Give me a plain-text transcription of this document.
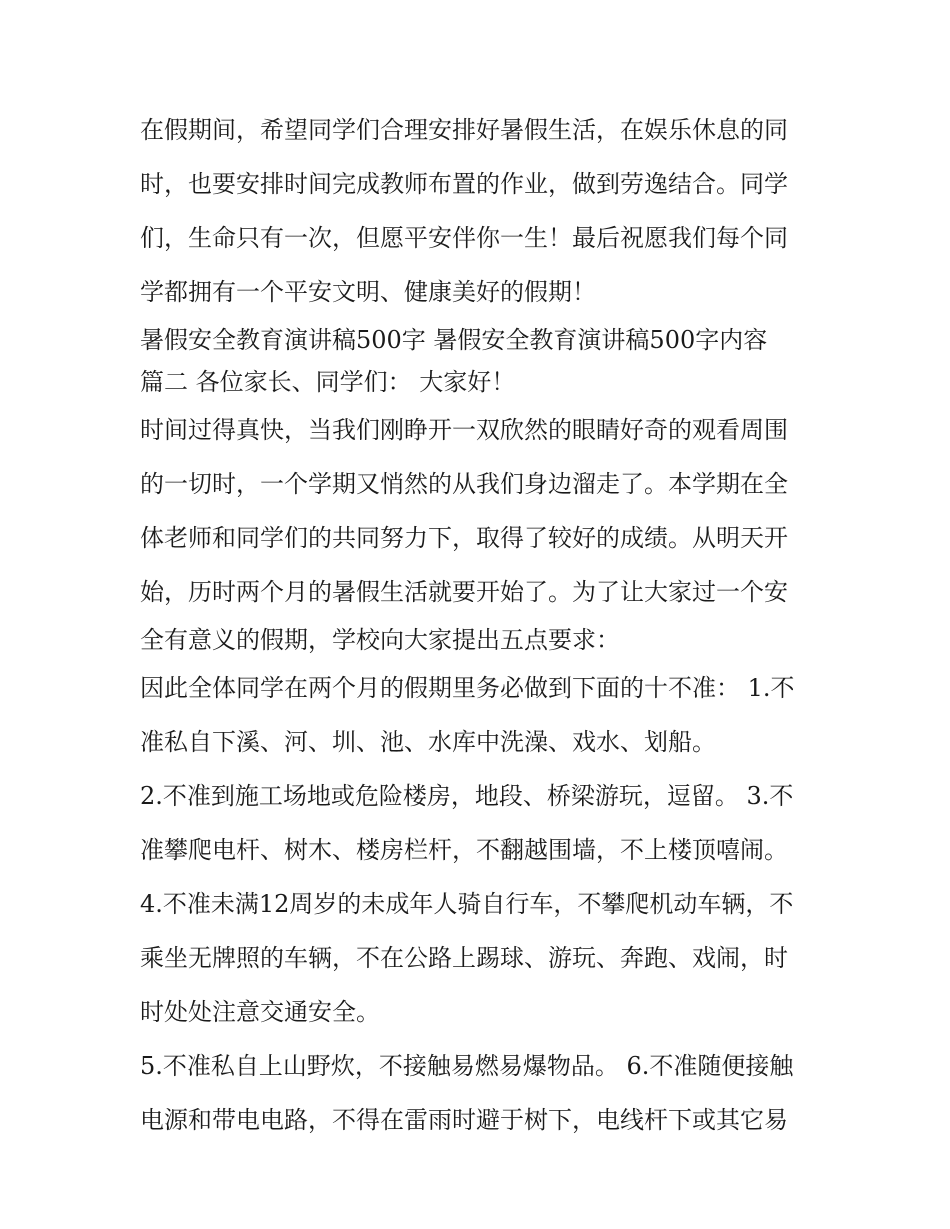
在假期间，希望同学们合理安排好暑假生活，在娱乐休息的同
时，也要安排时间完成教师布置的作业，做到劳逸结合。同学
们，生命只有一次，但愿平安伴你一生！最后祝愿我们每个同
学都拥有一个平安文明、健康美好的假期！
暑假安全教育演讲稿500字 暑假安全教育演讲稿500字内容
篇二 各位家长、同学们： 大家好！
时间过得真快，当我们刚睁开一双欣然的眼睛好奇的观看周围
的一切时，一个学期又悄然的从我们身边溜走了。本学期在全
体老师和同学们的共同努力下，取得了较好的成绩。从明天开
始，历时两个月的暑假生活就要开始了。为了让大家过一个安
全有意义的假期，学校向大家提出五点要求：
因此全体同学在两个月的假期里务必做到下面的十不准： 1.不
准私自下溪、河、圳、池、水库中洗澡、戏水、划船。
2.不准到施工场地或危险楼房，地段、桥梁游玩，逗留。 3.不
准攀爬电杆、树木、楼房栏杆，不翻越围墙，不上楼顶嘻闹。
4.不准未满12周岁的未成年人骑自行车，不攀爬机动车辆，不
乘坐无牌照的车辆，不在公路上踢球、游玩、奔跑、戏闹，时
时处处注意交通安全。
5.不准私自上山野炊，不接触易燃易爆物品。 6.不准随便接触
电源和带电电路，不得在雷雨时避于树下，电线杆下或其它易
